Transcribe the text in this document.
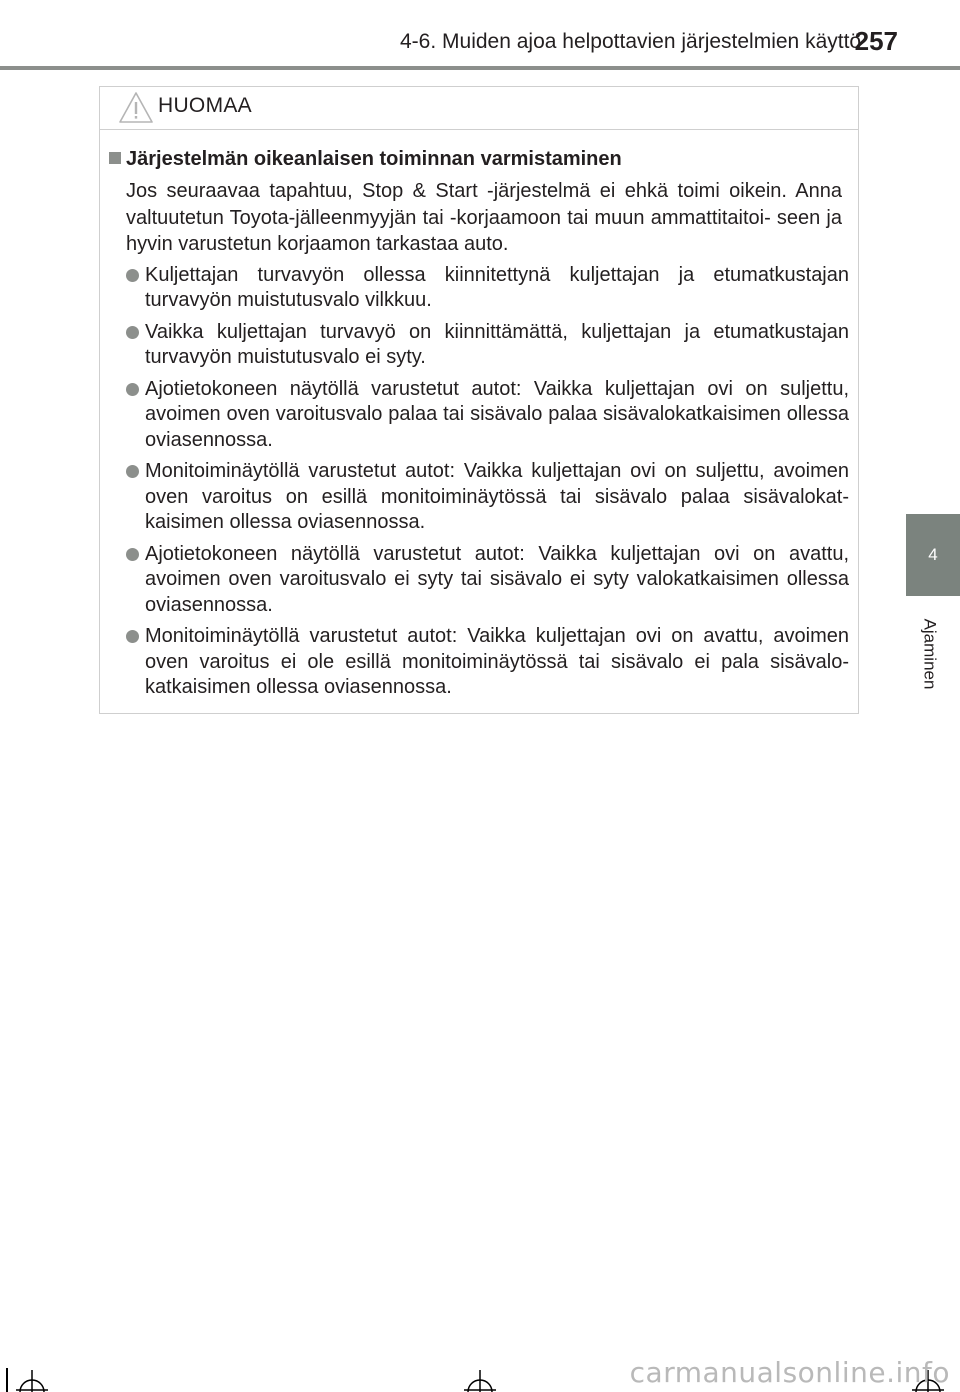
4-6. Muiden ajoa helpottavien järjestelmien käyttö
257
4
Ajaminen
HUOMAA
Järjestelmän oikeanlaisen toiminnan varmistaminen

Jos seuraavaa tapahtuu, Stop & Start -järjestelmä ei ehkä toimi oikein. Anna valtuutetun Toyota-jälleenmyyjän tai -korjaamoon tai muun ammattitaitoi- seen ja hyvin varustetun korjaamon tarkastaa auto.

Kuljettajan turvavyön ollessa kiinnitettynä kuljettajan ja etumatkustajan turvavyön muistutusvalo vilkkuu.
Vaikka kuljettajan turvavyö on kiinnittämättä, kuljettajan ja etumatkustajan turvavyön muistutusvalo ei syty.
Ajotietokoneen näytöllä varustetut autot: Vaikka kuljettajan ovi on suljettu, avoimen oven varoitusvalo palaa tai sisävalo palaa sisävalokatkaisimen ollessa oviasennossa.
Monitoiminäytöllä varustetut autot: Vaikka kuljettajan ovi on suljettu, avoimen oven varoitus on esillä monitoiminäytössä tai sisävalo palaa sisävalokat- kaisimen ollessa oviasennossa.
Ajotietokoneen näytöllä varustetut autot: Vaikka kuljettajan ovi on avattu, avoimen oven varoitusvalo ei syty tai sisävalo ei syty valokatkaisimen ollessa oviasennossa.
Monitoiminäytöllä varustetut autot: Vaikka kuljettajan ovi on avattu, avoimen oven varoitus ei ole esillä monitoiminäytössä tai sisävalo ei pala sisävalo- katkaisimen ollessa oviasennossa.
carmanualsonline.info
